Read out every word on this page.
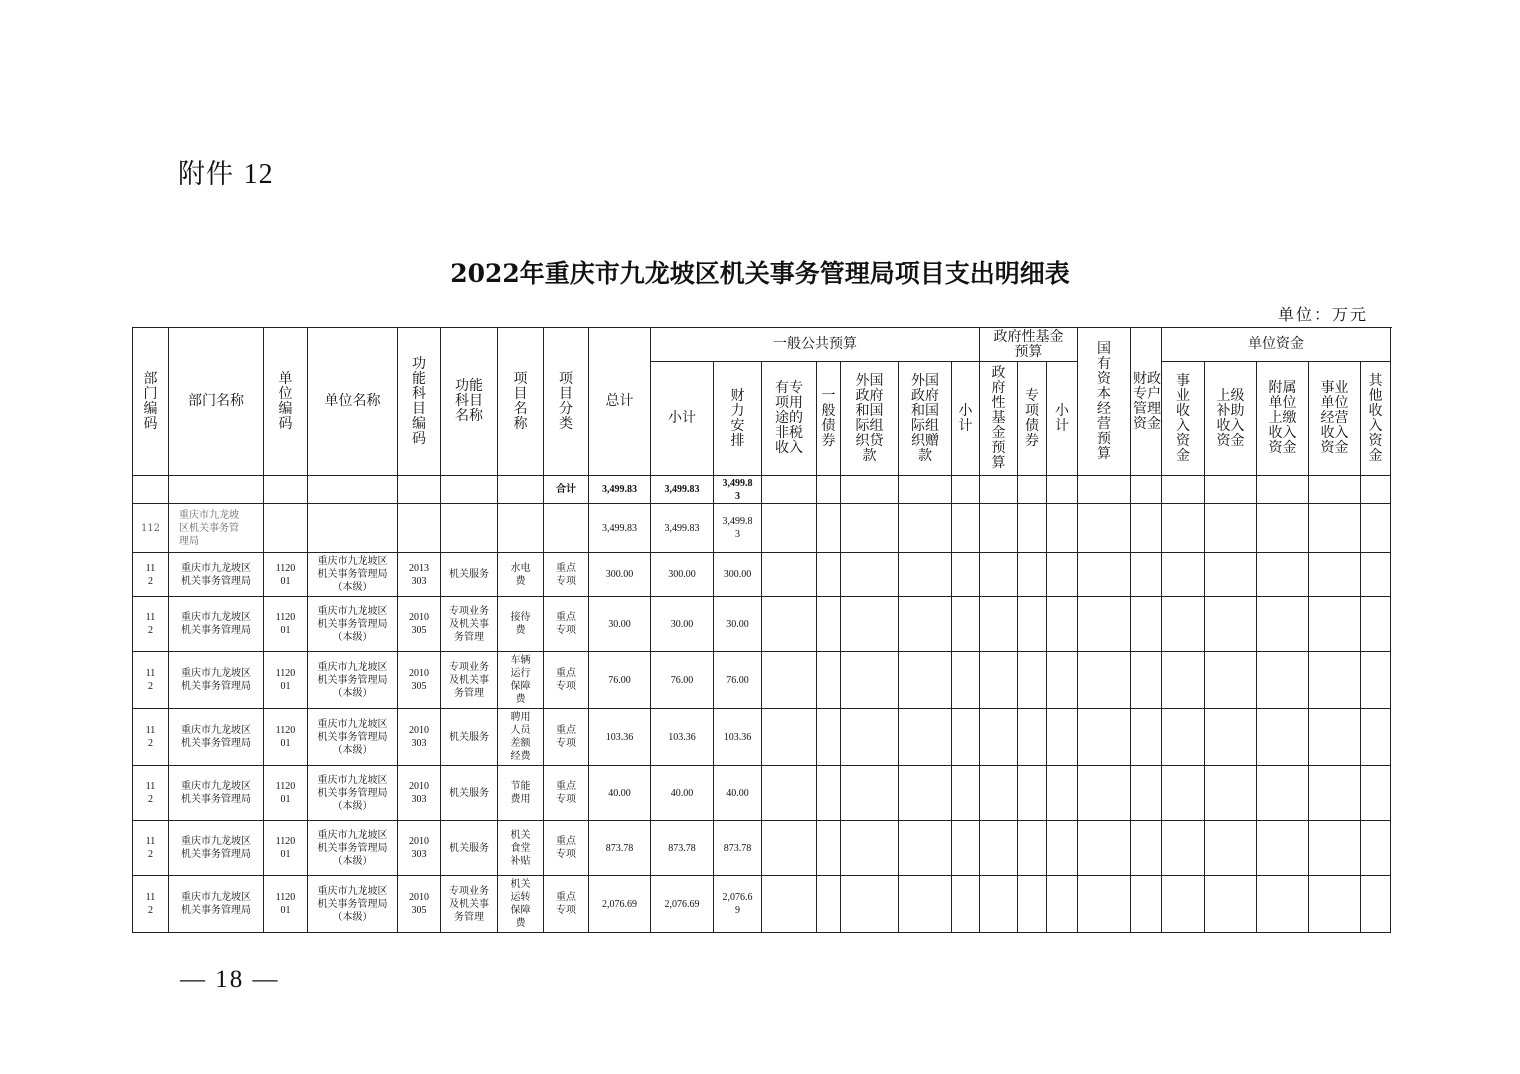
附件 12
2022年重庆市九龙坡区机关事务管理局项目支出明细表
单位：万元
部门编码	部门名称	单位编码	单位名称	功能科目编码	功能科目名称	项目名称	项目分类	总计	一般公共预算							政府性基金预算			国有资本经营预算	财政专户管理资金	单位资金					
									小计	财力安排	有专项用途的非税收入	一般债券	外国政府和国际组织贷款	外国政府和国际组织赠款	小计	政府性基金预算	专项债券	小计			事业收入资金	上级补助收入资金	附属单位上缴收入资金	事业单位经营收入资金	其他收入资金	
							合计	3,499.83	3,499.83	3,499.83																
112	重庆市九龙坡区机关事务管理局							3,499.83	3,499.83	3,499.83																
112	重庆市九龙坡区机关事务管理局	112001	重庆市九龙坡区机关事务管理局（本级）	2013303	机关服务	水电费	重点专项	300.00	300.00	300.00																
112	重庆市九龙坡区机关事务管理局	112001	重庆市九龙坡区机关事务管理局（本级）	2010305	专项业务及机关事务管理	接待费	重点专项	30.00	30.00	30.00																
112	重庆市九龙坡区机关事务管理局	112001	重庆市九龙坡区机关事务管理局（本级）	2010305	专项业务及机关事务管理	车辆运行保障费	重点专项	76.00	76.00	76.00																
112	重庆市九龙坡区机关事务管理局	112001	重庆市九龙坡区机关事务管理局（本级）	2010303	机关服务	聘用人员差额经费	重点专项	103.36	103.36	103.36																
112	重庆市九龙坡区机关事务管理局	112001	重庆市九龙坡区机关事务管理局（本级）	2010303	机关服务	节能费用	重点专项	40.00	40.00	40.00																
112	重庆市九龙坡区机关事务管理局	112001	重庆市九龙坡区机关事务管理局（本级）	2010303	机关服务	机关食堂补贴	重点专项	873.78	873.78	873.78																
112	重庆市九龙坡区机关事务管理局	112001	重庆市九龙坡区机关事务管理局（本级）	2010305	专项业务及机关事务管理	机关运转保障费	重点专项	2,076.69	2,076.69	2,076.69																
— 18 —
